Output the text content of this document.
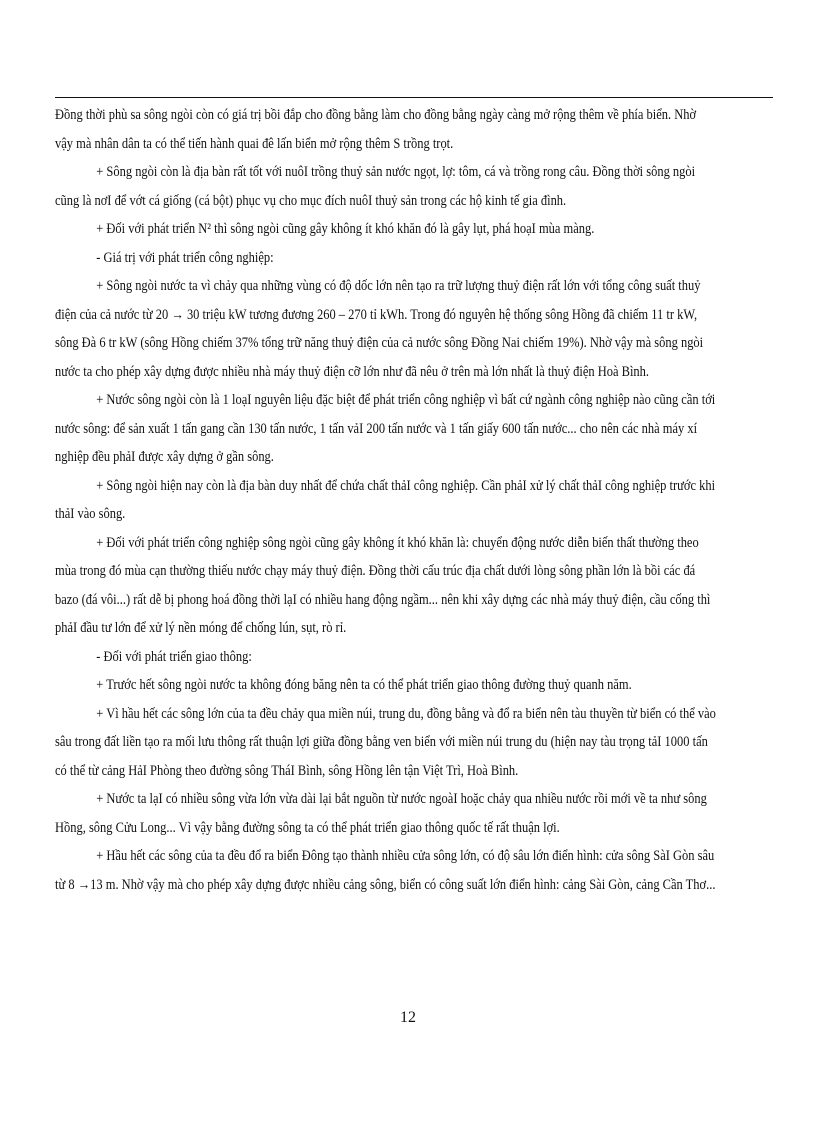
Đồng thời phù sa sông ngòi còn có giá trị bồi đắp cho đồng bằng làm cho đồng bằng ngày càng mở rộng thêm về phía biển. Nhờ
vậy mà nhân dân ta có thể tiến hành quai đê lấn biển mở rộng thêm S trồng trọt.
+ Sông ngòi còn là địa bàn rất tốt với nuôI trồng thuỷ sản nước ngọt, lợ: tôm, cá và trồng rong câu. Đồng thời sông ngòi
cũng là nơI để vớt cá giống (cá bột) phục vụ cho mục đích nuôI thuỷ sản trong các hộ kinh tế gia đình.
+ Đối với phát triển N² thì sông ngòi cũng gây không ít khó khăn đó là gây lụt, phá hoạI mùa màng.
- Giá trị với phát triển công nghiệp:
+ Sông ngòi nước ta vì chảy qua những vùng có độ dốc lớn nên tạo ra trữ lượng thuỷ điện rất lớn với tổng công suất thuỷ
điện của cả nước từ 20 → 30 triệu kW tương đương 260 – 270 tỉ kWh. Trong đó nguyên hệ thống sông Hồng đã chiếm 11 tr kW,
sông Đà 6 tr kW (sông Hồng chiếm 37% tổng trữ năng thuỷ điện của cả nước sông Đồng Nai chiếm 19%). Nhờ vậy mà sông ngòi
nước ta cho phép xây dựng được nhiều nhà máy thuỷ điện cỡ lớn như đã nêu ở trên mà lớn nhất là thuỷ điện Hoà Bình.
+ Nước sông ngòi còn là 1 loạI nguyên liệu đặc biệt để phát triển công nghiệp vì bất cứ ngành công nghiệp nào cũng cần tới
nước sông: để sản xuất 1 tấn gang cần 130 tấn nước, 1 tấn vảI 200 tấn nước và 1 tấn giấy 600 tấn nước... cho nên các nhà máy xí
nghiệp đều phảI được xây dựng ở gần sông.
+ Sông ngòi hiện nay còn là địa bàn duy nhất để chứa chất thảI công nghiệp. Cần phảI xử lý chất thảI công nghiệp trước khi
thảI vào sông.
+ Đối với phát triển công nghiệp sông ngòi cũng gây không ít khó khăn là: chuyển động nước diễn biến thất thường theo
mùa trong đó mùa cạn thường thiếu nước chạy máy thuỷ điện. Đồng thời cấu trúc địa chất dưới lòng sông phần lớn là bồi các đá
bazo (đá vôi...) rất dễ bị phong hoá đồng thời lạI có nhiều hang động ngầm... nên khi xây dựng các nhà máy thuỷ điện, cầu cống thì
phảI đầu tư lớn để xử lý nền móng để chống lún, sụt, rò rỉ.
- Đối với phát triển giao thông:
+ Trước hết sông ngòi nước ta không đóng băng nên ta có thể phát triển giao thông đường thuỷ quanh năm.
+ Vì hầu hết các sông lớn của ta đều chảy qua miền núi, trung du, đồng bằng và đổ ra biển nên tàu thuyền từ biển có thể vào
sâu trong đất liền tạo ra mối lưu thông rất thuận lợi giữa đồng bằng ven biển với miền núi trung du (hiện nay tàu trọng tảI 1000 tấn
có thể từ cảng HảI Phòng theo đường sông TháI Bình, sông Hồng lên tận Việt Trì, Hoà Bình.
+ Nước ta lạI có nhiều sông vừa lớn vừa dài lại bắt nguồn từ nước ngoàI hoặc chảy qua nhiều nước rồi mới về ta như sông
Hồng, sông Cửu Long... Vì vậy bằng đường sông ta có thể phát triển giao thông quốc tế rất thuận lợi.
+ Hầu hết các sông của ta đều đổ ra biển Đông tạo thành nhiều cửa sông lớn, có độ sâu lớn điển hình: cửa sông SàI Gòn sâu
từ 8 →13 m. Nhờ vậy mà cho phép xây dựng được nhiều cảng sông, biển có công suất lớn điển hình: cảng Sài Gòn, cảng Cần Thơ...
12
